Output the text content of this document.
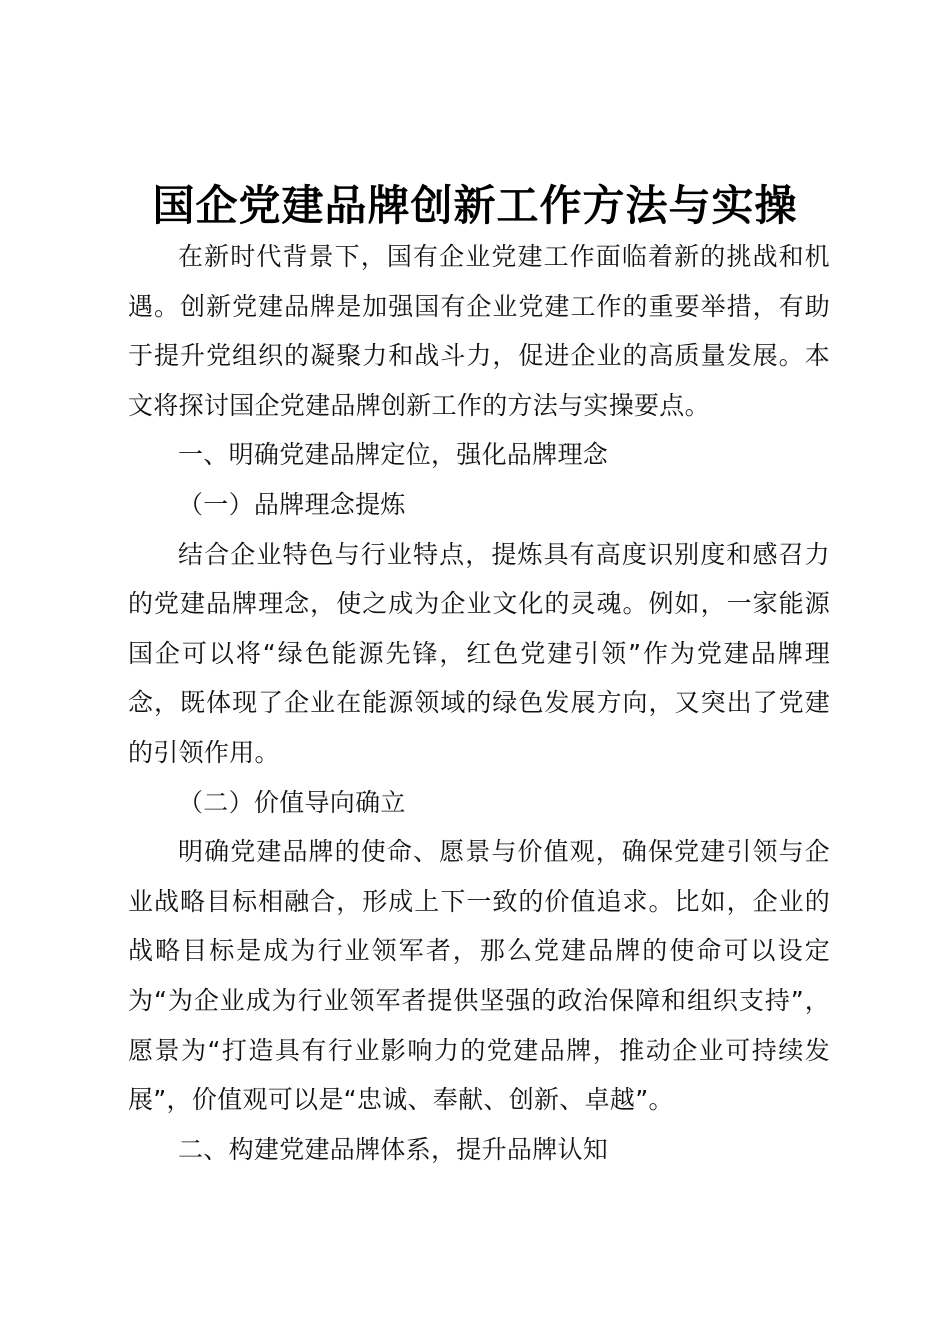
国企党建品牌创新工作方法与实操

在新时代背景下，国有企业党建工作面临着新的挑战和机遇。创新党建品牌是加强国有企业党建工作的重要举措，有助于提升党组织的凝聚力和战斗力，促进企业的高质量发展。本文将探讨国企党建品牌创新工作的方法与实操要点。

一、明确党建品牌定位，强化品牌理念

（一）品牌理念提炼

结合企业特色与行业特点，提炼具有高度识别度和感召力的党建品牌理念，使之成为企业文化的灵魂。例如，一家能源国企可以将“绿色能源先锋，红色党建引领”作为党建品牌理念，既体现了企业在能源领域的绿色发展方向，又突出了党建的引领作用。

（二）价值导向确立

明确党建品牌的使命、愿景与价值观，确保党建引领与企业战略目标相融合，形成上下一致的价值追求。比如，企业的战略目标是成为行业领军者，那么党建品牌的使命可以设定为“为企业成为行业领军者提供坚强的政治保障和组织支持”，愿景为“打造具有行业影响力的党建品牌，推动企业可持续发展”，价值观可以是“忠诚、奉献、创新、卓越”。

二、构建党建品牌体系，提升品牌认知
